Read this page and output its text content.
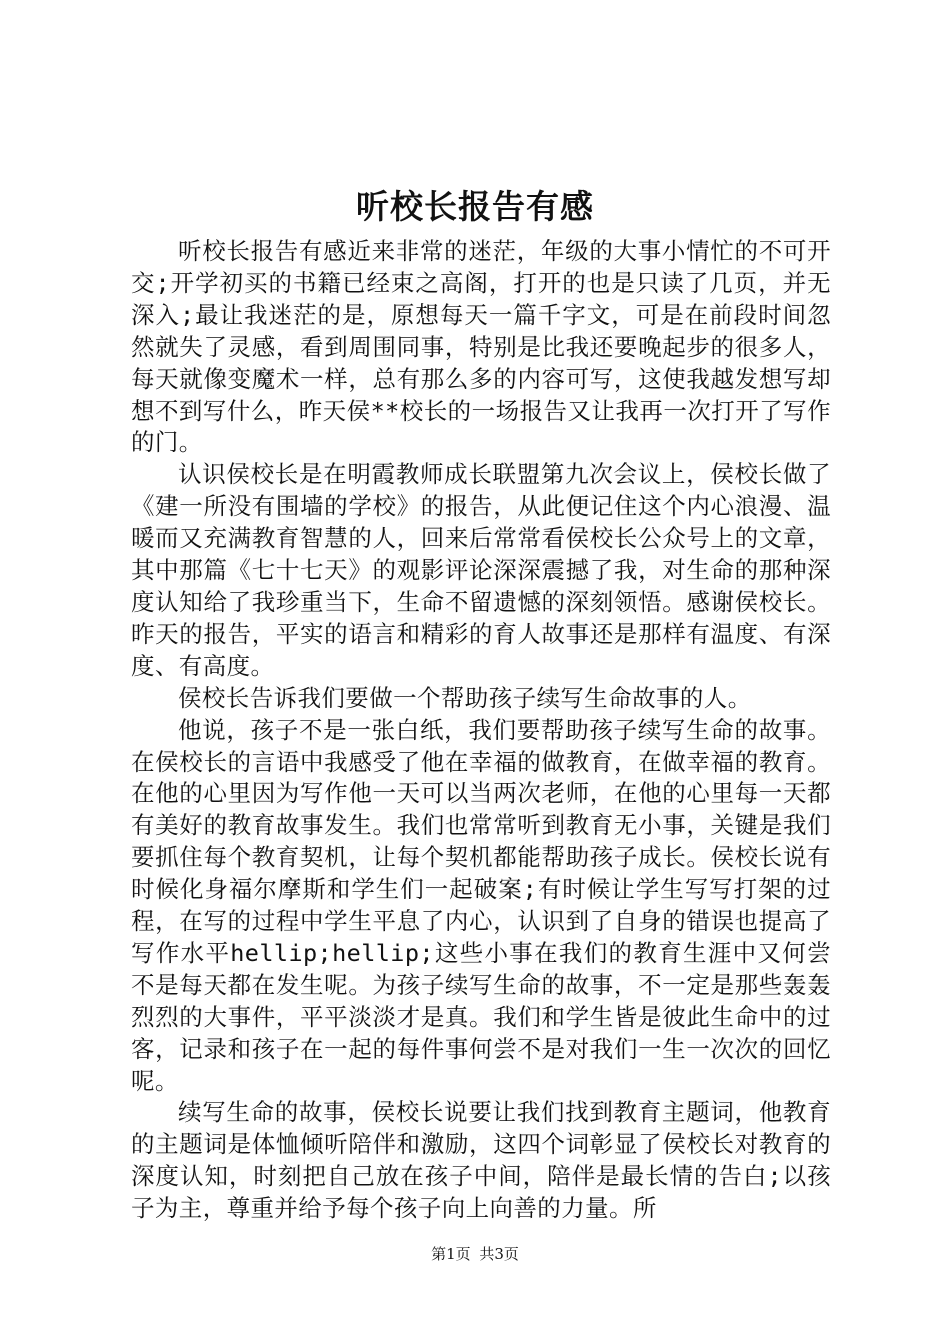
听校长报告有感

听校长报告有感近来非常的迷茫，年级的大事小情忙的不可开交;开学初买的书籍已经束之高阁，打开的也是只读了几页，并无深入;最让我迷茫的是，原想每天一篇千字文，可是在前段时间忽然就失了灵感，看到周围同事，特别是比我还要晚起步的很多人，每天就像变魔术一样，总有那么多的内容可写，这使我越发想写却想不到写什么，昨天侯**校长的一场报告又让我再一次打开了写作的门。

认识侯校长是在明霞教师成长联盟第九次会议上，侯校长做了《建一所没有围墙的学校》的报告，从此便记住这个内心浪漫、温暖而又充满教育智慧的人，回来后常常看侯校长公众号上的文章，其中那篇《七十七天》的观影评论深深震撼了我，对生命的那种深度认知给了我珍重当下，生命不留遗憾的深刻领悟。感谢侯校长。昨天的报告，平实的语言和精彩的育人故事还是那样有温度、有深度、有高度。

侯校长告诉我们要做一个帮助孩子续写生命故事的人。

他说，孩子不是一张白纸，我们要帮助孩子续写生命的故事。在侯校长的言语中我感受了他在幸福的做教育，在做幸福的教育。在他的心里因为写作他一天可以当两次老师，在他的心里每一天都有美好的教育故事发生。我们也常常听到教育无小事，关键是我们要抓住每个教育契机，让每个契机都能帮助孩子成长。侯校长说有时候化身福尔摩斯和学生们一起破案;有时候让学生写写打架的过程，在写的过程中学生平息了内心，认识到了自身的错误也提高了写作水平hellip;hellip;这些小事在我们的教育生涯中又何尝不是每天都在发生呢。为孩子续写生命的故事，不一定是那些轰轰烈烈的大事件，平平淡淡才是真。我们和学生皆是彼此生命中的过客，记录和孩子在一起的每件事何尝不是对我们一生一次次的回忆呢。

续写生命的故事，侯校长说要让我们找到教育主题词，他教育的主题词是体恤倾听陪伴和激励，这四个词彰显了侯校长对教育的深度认知，时刻把自己放在孩子中间，陪伴是最长情的告白;以孩子为主，尊重并给予每个孩子向上向善的力量。所

第1页 共3页
